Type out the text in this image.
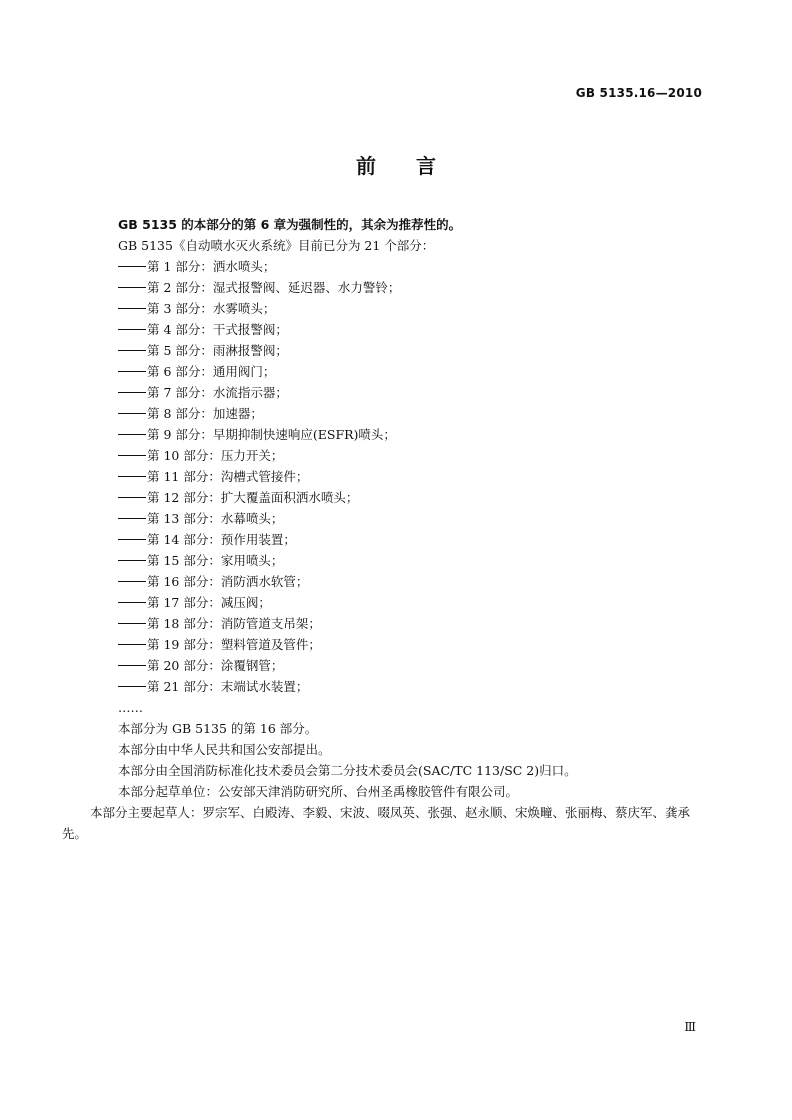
GB 5135.16—2010
前言
GB 5135 的本部分的第 6 章为强制性的，其余为推荐性的。
GB 5135《自动喷水灭火系统》目前已分为 21 个部分：
第 1 部分：洒水喷头；
第 2 部分：湿式报警阀、延迟器、水力警铃；
第 3 部分：水雾喷头；
第 4 部分：干式报警阀；
第 5 部分：雨淋报警阀；
第 6 部分：通用阀门；
第 7 部分：水流指示器；
第 8 部分：加速器；
第 9 部分：早期抑制快速响应(ESFR)喷头；
第 10 部分：压力开关；
第 11 部分：沟槽式管接件；
第 12 部分：扩大覆盖面积洒水喷头；
第 13 部分：水幕喷头；
第 14 部分：预作用装置；
第 15 部分：家用喷头；
第 16 部分：消防洒水软管；
第 17 部分：减压阀；
第 18 部分：消防管道支吊架；
第 19 部分：塑料管道及管件；
第 20 部分：涂覆钢管；
第 21 部分：末端试水装置；
……
本部分为 GB 5135 的第 16 部分。
本部分由中华人民共和国公安部提出。
本部分由全国消防标准化技术委员会第二分技术委员会(SAC/TC 113/SC 2)归口。
本部分起草单位：公安部天津消防研究所、台州圣禹橡胶管件有限公司。
本部分主要起草人：罗宗军、白殿涛、李毅、宋波、啜凤英、张强、赵永顺、宋焕疃、张丽梅、蔡庆军、龚承先。
Ⅲ
